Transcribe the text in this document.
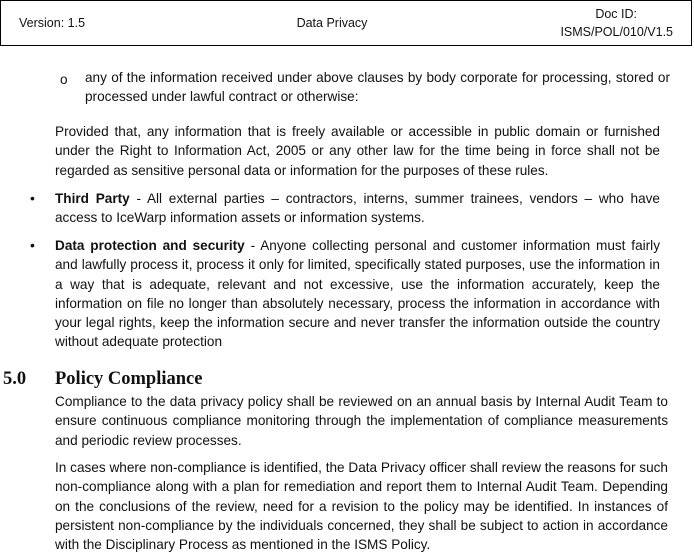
Version: 1.5	Data Privacy
Doc ID:
ISMS/POL/010/V1.5
o any of the information received under above clauses by body corporate for processing, stored or processed under lawful contract or otherwise:

Provided that, any information that is freely available or accessible in public domain or furnished under the Right to Information Act, 2005 or any other law for the time being in force shall not be regarded as sensitive personal data or information for the purposes of these rules.

• Third Party - All external parties – contractors, interns, summer trainees, vendors – who have access to IceWarp information assets or information systems.

• Data protection and security - Anyone collecting personal and customer information must fairly and lawfully process it, process it only for limited, specifically stated purposes, use the information in a way that is adequate, relevant and not excessive, use the information accurately, keep the information on file no longer than absolutely necessary, process the information in accordance with your legal rights, keep the information secure and never transfer the information outside the country without adequate protection

5.0 Policy Compliance

Compliance to the data privacy policy shall be reviewed on an annual basis by Internal Audit Team to ensure continuous compliance monitoring through the implementation of compliance measurements and periodic review processes.

In cases where non-compliance is identified, the Data Privacy officer shall review the reasons for such non-compliance along with a plan for remediation and report them to Internal Audit Team. Depending on the conclusions of the review, need for a revision to the policy may be identified. In instances of persistent non-compliance by the individuals concerned, they shall be subject to action in accordance with the Disciplinary Process as mentioned in the ISMS Policy.
